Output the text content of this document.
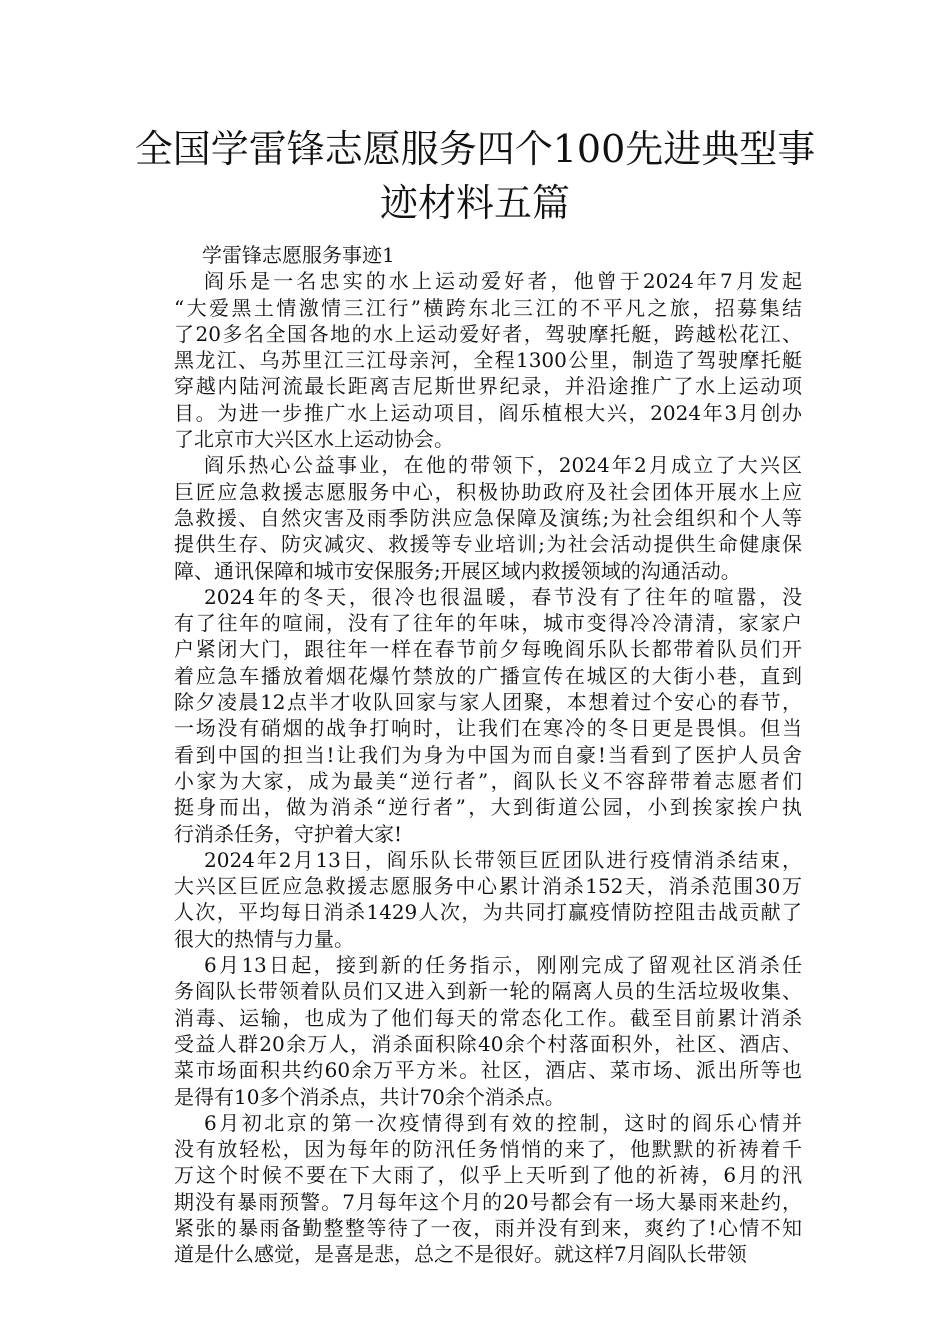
全国学雷锋志愿服务四个100先进典型事
迹材料五篇
学雷锋志愿服务事迹1
阎乐是一名忠实的水上运动爱好者，他曾于2024年7月发起
“大爱黑土情激情三江行”横跨东北三江的不平凡之旅，招募集结
了20多名全国各地的水上运动爱好者，驾驶摩托艇，跨越松花江、
黑龙江、乌苏里江三江母亲河，全程1300公里，制造了驾驶摩托艇
穿越内陆河流最长距离吉尼斯世界纪录，并沿途推广了水上运动项
目。为进一步推广水上运动项目，阎乐植根大兴，2024年3月创办
了北京市大兴区水上运动协会。
阎乐热心公益事业，在他的带领下，2024年2月成立了大兴区
巨匠应急救援志愿服务中心，积极协助政府及社会团体开展水上应
急救援、自然灾害及雨季防洪应急保障及演练;为社会组织和个人等
提供生存、防灾减灾、救援等专业培训;为社会活动提供生命健康保
障、通讯保障和城市安保服务;开展区域内救援领域的沟通活动。
2024年的冬天，很冷也很温暖，春节没有了往年的喧嚣，没
有了往年的喧闹，没有了往年的年味，城市变得冷冷清清，家家户
户紧闭大门，跟往年一样在春节前夕每晚阎乐队长都带着队员们开
着应急车播放着烟花爆竹禁放的广播宣传在城区的大街小巷，直到
除夕凌晨12点半才收队回家与家人团聚，本想着过个安心的春节，
一场没有硝烟的战争打响时，让我们在寒冷的冬日更是畏惧。但当
看到中国的担当!让我们为身为中国为而自豪!当看到了医护人员舍
小家为大家，成为最美“逆行者”，阎队长义不容辞带着志愿者们
挺身而出，做为消杀“逆行者”，大到街道公园，小到挨家挨户执
行消杀任务，守护着大家!
2024年2月13日，阎乐队长带领巨匠团队进行疫情消杀结束，
大兴区巨匠应急救援志愿服务中心累计消杀152天，消杀范围30万
人次，平均每日消杀1429人次，为共同打赢疫情防控阻击战贡献了
很大的热情与力量。
6月13日起，接到新的任务指示，刚刚完成了留观社区消杀任
务阎队长带领着队员们又进入到新一轮的隔离人员的生活垃圾收集、
消毒、运输，也成为了他们每天的常态化工作。截至目前累计消杀
受益人群20余万人，消杀面积除40余个村落面积外，社区、酒店、
菜市场面积共约60余万平方米。社区，酒店、菜市场、派出所等也
是得有10多个消杀点，共计70余个消杀点。
6月初北京的第一次疫情得到有效的控制，这时的阎乐心情并
没有放轻松，因为每年的防汛任务悄悄的来了，他默默的祈祷着千
万这个时候不要在下大雨了，似乎上天听到了他的祈祷，6月的汛
期没有暴雨预警。7月每年这个月的20号都会有一场大暴雨来赴约，
紧张的暴雨备勤整整等待了一夜，雨并没有到来，爽约了!心情不知
道是什么感觉，是喜是悲，总之不是很好。就这样7月阎队长带领
